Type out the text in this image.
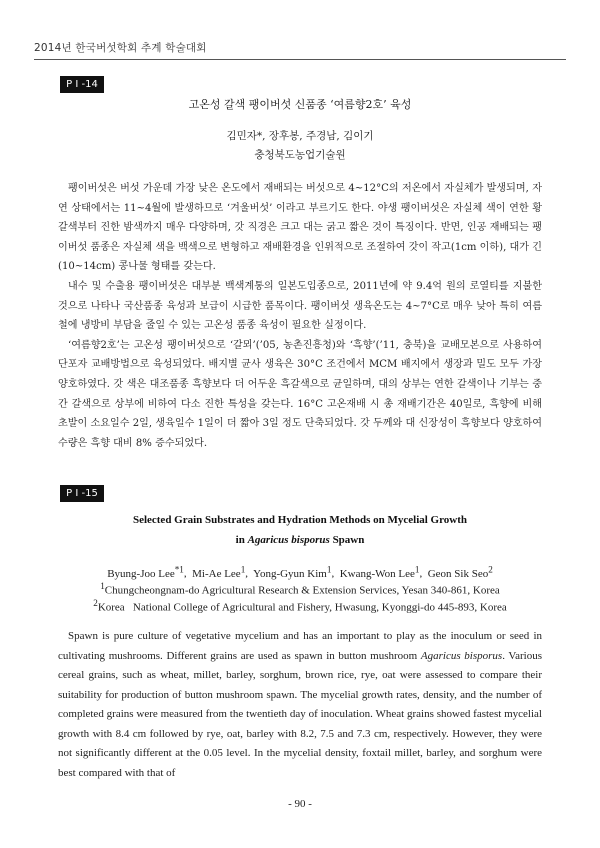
2014년 한국버섯학회 추계 학술대회
P I -14
고온성 갈색 팽이버섯 신품종 ‘여름향2호’ 육성
김민자*, 장후봉, 주경남, 김이기
충청북도농업기술원

팽이버섯은 버섯 가운데 가장 낮은 온도에서 재배되는 버섯으로 4~12°C의 저온에서 자실체가 발생되며, 자연 상태에서는 11~4월에 발생하므로 ‘겨울버섯’ 이라고 부르기도 한다. 야생 팽이버섯은 자실체 색이 연한 황갈색부터 진한 밤색까지 매우 다양하며, 갓 직경은 크고 대는 굵고 짧은 것이 특징이다. 반면, 인공 재배되는 팽이버섯 품종은 자실체 색을 백색으로 변형하고 재배환경을 인위적으로 조절하여 갓이 작고(1cm 이하), 대가 긴(10~14cm) 콩나물 형태를 갖는다.

내수 및 수출용 팽이버섯은 대부분 백색계통의 일본도입종으로, 2011년에 약 9.4억 원의 로열티를 지불한 것으로 나타나 국산품종 육성과 보급이 시급한 품목이다. 팽이버섯 생육온도는 4~7°C로 매우 낮아 특히 여름철에 냉방비 부담을 줄일 수 있는 고온성 품종 육성이 필요한 실정이다.

‘여름향2호’는 고온성 팽이버섯으로 ‘갈뫼’(’05, 농촌진흥청)와 ‘흑향’(’11, 충북)을 교배모본으로 사용하여 단포자 교배방법으로 육성되었다. 배지별 균사 생육은 30°C 조건에서 MCM 배지에서 생장과 밀도 모두 가장 양호하였다. 갓 색은 대조품종 흑향보다 더 어두운 흑갈색으로 균일하며, 대의 상부는 연한 갈색이나 기부는 중간 갈색으로 상부에 비하여 다소 진한 특성을 갖는다. 16°C 고온재배 시 총 재배기간은 40일로, 흑향에 비해 초발이 소요일수 2일, 생육일수 1일이 더 짧아 3일 정도 단축되었다. 갓 두께와 대 신장성이 흑향보다 양호하여 수량은 흑향 대비 8% 증수되었다.

P I -15
Selected Grain Substrates and Hydration Methods on Mycelial Growth
in Agaricus bisporus Spawn
Byung-Joo Lee$^{*1}$,  Mi-Ae Lee$^1$,  Yong-Gyun Kim$^1$,  Kwang-Won Lee$^1$,  Geon Sik Seo$^2$
$^1$Chungcheongnam-do Agricultural Research & Extension Services, Yesan 340-861, Korea
$^2$Korea   National College of Agricultural and Fishery, Hwasung, Kyonggi-do 445-893, Korea

Spawn is pure culture of vegetative mycelium and has an important to play as the inoculum or seed in cultivating mushrooms. Different grains are used as spawn in button mushroom Agaricus bisporus. Various cereal grains, such as wheat, millet, barley, sorghum, brown rice, rye, oat were assessed to compare their suitability for production of button mushroom spawn. The mycelial growth rates, density, and the number of completed grains were measured from the twentieth day of inoculation. Wheat grains showed fastest mycelial growth with 8.4 cm followed by rye, oat, barley with 8.2, 7.5 and 7.3 cm, respectively. However, they were not significantly different at the 0.05 level. In the mycelial density, foxtail millet, barley, and sorghum were best compared with that of

- 90 -
